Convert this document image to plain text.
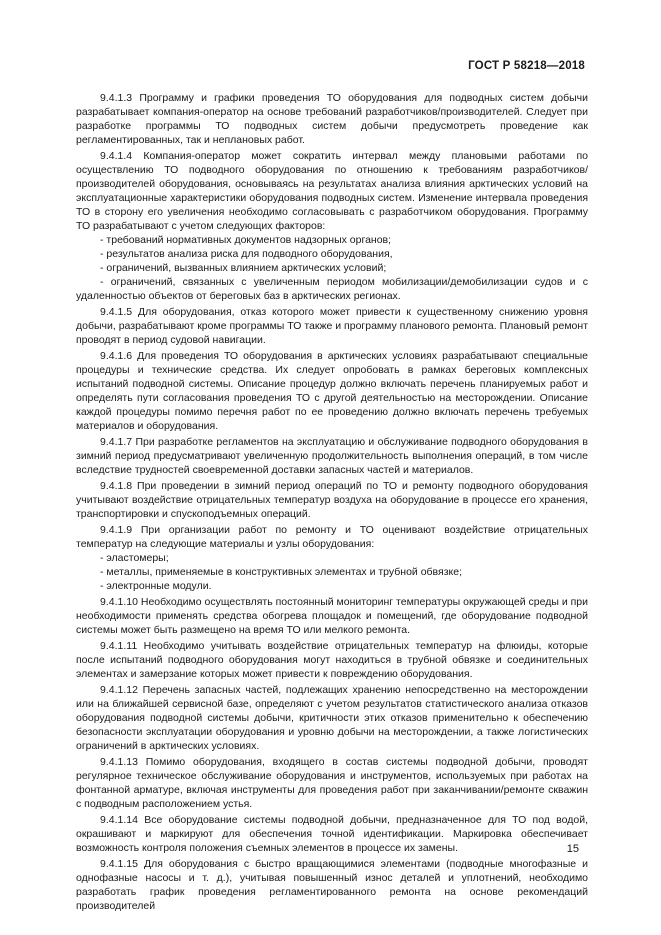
ГОСТ Р 58218—2018

9.4.1.3 Программу и графики проведения ТО оборудования для подводных систем добычи разрабатывает компания-оператор на основе требований разработчиков/производителей. Следует при разработке программы ТО подводных систем добычи предусмотреть проведение как регламентированных, так и неплановых работ.

9.4.1.4 Компания-оператор может сократить интервал между плановыми работами по осуществлению ТО подводного оборудования по отношению к требованиям разработчиков/производителей оборудования, основываясь на результатах анализа влияния арктических условий на эксплуатационные характеристики оборудования подводных систем. Изменение интервала проведения ТО в сторону его увеличения необходимо согласовывать с разработчиком оборудования. Программу ТО разрабатывают с учетом следующих факторов:

- требований нормативных документов надзорных органов;

- результатов анализа риска для подводного оборудования,

- ограничений, вызванных влиянием арктических условий;

- ограничений, связанных с увеличенным периодом мобилизации/демобилизации судов и с удаленностью объектов от береговых баз в арктических регионах.

9.4.1.5 Для оборудования, отказ которого может привести к существенному снижению уровня добычи, разрабатывают кроме программы ТО также и программу планового ремонта. Плановый ремонт проводят в период судовой навигации.

9.4.1.6 Для проведения ТО оборудования в арктических условиях разрабатывают специальные процедуры и технические средства. Их следует опробовать в рамках береговых комплексных испытаний подводной системы. Описание процедур должно включать перечень планируемых работ и определять пути согласования проведения ТО с другой деятельностью на месторождении. Описание каждой процедуры помимо перечня работ по ее проведению должно включать перечень требуемых материалов и оборудования.

9.4.1.7 При разработке регламентов на эксплуатацию и обслуживание подводного оборудования в зимний период предусматривают увеличенную продолжительность выполнения операций, в том числе вследствие трудностей своевременной доставки запасных частей и материалов.

9.4.1.8 При проведении в зимний период операций по ТО и ремонту подводного оборудования учитывают воздействие отрицательных температур воздуха на оборудование в процессе его хранения, транспортировки и спускоподъемных операций.

9.4.1.9 При организации работ по ремонту и ТО оценивают воздействие отрицательных температур на следующие материалы и узлы оборудования:

- эластомеры;

- металлы, применяемые в конструктивных элементах и трубной обвязке;

- электронные модули.

9.4.1.10 Необходимо осуществлять постоянный мониторинг температуры окружающей среды и при необходимости применять средства обогрева площадок и помещений, где оборудование подводной системы может быть размещено на время ТО или мелкого ремонта.

9.4.1.11 Необходимо учитывать воздействие отрицательных температур на флюиды, которые после испытаний подводного оборудования могут находиться в трубной обвязке и соединительных элементах и замерзание которых может привести к повреждению оборудования.

9.4.1.12 Перечень запасных частей, подлежащих хранению непосредственно на месторождении или на ближайшей сервисной базе, определяют с учетом результатов статистического анализа отказов оборудования подводной системы добычи, критичности этих отказов применительно к обеспечению безопасности эксплуатации оборудования и уровню добычи на месторождении, а также логистических ограничений в арктических условиях.

9.4.1.13 Помимо оборудования, входящего в состав системы подводной добычи, проводят регулярное техническое обслуживание оборудования и инструментов, используемых при работах на фонтанной арматуре, включая инструменты для проведения работ при заканчивании/ремонте скважин с подводным расположением устья.

9.4.1.14 Все оборудование системы подводной добычи, предназначенное для ТО под водой, окрашивают и маркируют для обеспечения точной идентификации. Маркировка обеспечивает возможность контроля положения съемных элементов в процессе их замены.

9.4.1.15 Для оборудования с быстро вращающимися элементами (подводные многофазные и однофазные насосы и т. д.), учитывая повышенный износ деталей и уплотнений, необходимо разработать график проведения регламентированного ремонта на основе рекомендаций производителей

15
